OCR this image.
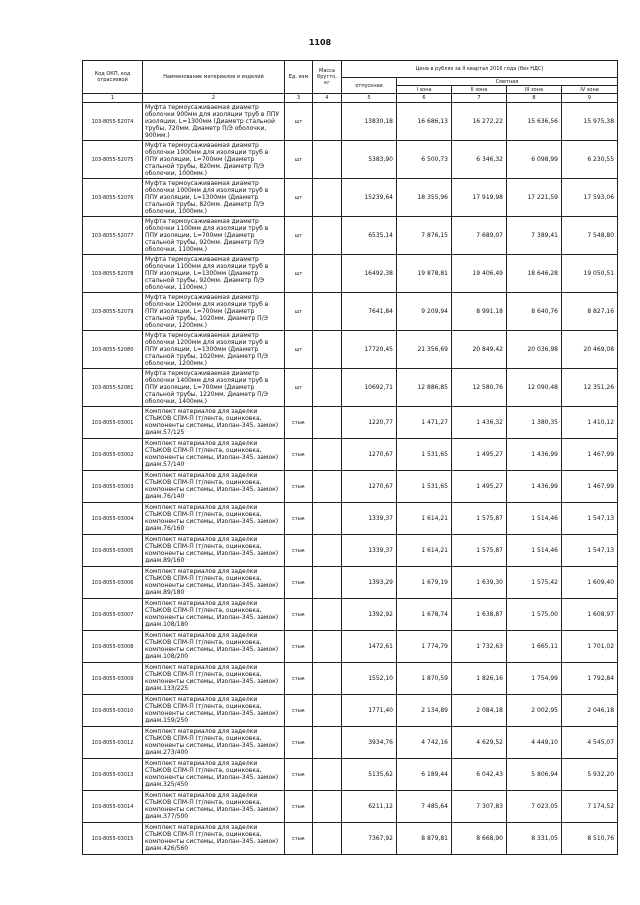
1108
Код ОКП, код отраслевой	Наименование материалов и изделий	Ед. изм	Масса брутто, кг	Цена в рублях за II квартал 2016 года (без НДС)				
				отпускная	Сметная			
					I зона	II зона	III зона	IV зона
1	2	3	4	5	6	7	8	9
103-8055-52074	Муфта термоусаживаемая диаметр оболочки 900мм для изоляции труб в ППУ изоляции, L=1300мм (Диаметр стальной трубы, 720мм. Диаметр П/Э оболочки, 900мм.)	шт		13830,18	16 686,13	16 272,22	15 636,56	15 975,38
103-8055-52075	Муфта термоусаживаемая диаметр оболочки 1000мм для изоляции труб в ППУ изоляции, L=700мм (Диаметр стальной трубы, 820мм. Диаметр П/Э оболочки, 1000мм.)	шт		5383,90	6 500,73	6 346,32	6 098,99	6 230,55
103-8055-52076	Муфта термоусаживаемая диаметр оболочки 1000мм для изоляции труб в ППУ изоляции, L=1300мм (Диаметр стальной трубы, 820мм. Диаметр П/Э оболочки, 1000мм.)	шт		15239,64	18 355,96	17 919,98	17 221,59	17 593,06
103-8055-52077	Муфта термоусаживаемая диаметр оболочки 1100мм для изоляции труб в ППУ изоляции, L=700мм (Диаметр стальной трубы, 920мм. Диаметр П/Э оболочки, 1100мм.)	шт		6535,14	7 876,15	7 689,07	7 389,41	7 548,80
103-8055-52078	Муфта термоусаживаемая диаметр оболочки 1100мм для изоляции труб в ППУ изоляции, L=1300мм (Диаметр стальной трубы, 920мм. Диаметр П/Э оболочки, 1100мм.)	шт		16492,38	19 878,81	19 406,49	18 646,28	19 050,51
103-8055-52079	Муфта термоусаживаемая диаметр оболочки 1200мм для изоляции труб в ППУ изоляции, L=700мм (Диаметр стальной трубы, 1020мм. Диаметр П/Э оболочки, 1200мм.)	шт		7641,84	9 209,94	8 991,18	8 640,76	8 827,16
103-8055-52080	Муфта термоусаживаемая диаметр оболочки 1200мм для изоляции труб в ППУ изоляции, L=1300мм (Диаметр стальной трубы, 1020мм. Диаметр П/Э оболочки, 1200мм.)	шт		17720,45	21 356,69	20 849,42	20 036,98	20 469,08
103-8055-52081	Муфта термоусаживаемая диаметр оболочки 1400мм для изоляции труб в ППУ изоляции, L=700мм (Диаметр стальной трубы, 1220мм. Диаметр П/Э оболочки, 1400мм.)	шт		10692,71	12 886,85	12 580,76	12 090,48	12 351,26
103-8055-03001	Комплект материалов для заделки СТЫКОВ СПМ-П (т/лента, оцинковка, компоненты системы, Изолан-345, замок) диам.57/125	стык		1220,77	1 471,27	1 436,32	1 380,35	1 410,12
103-8055-03002	Комплект материалов для заделки СТЫКОВ СПМ-П (т/лента, оцинковка, компоненты системы, Изолан-345, замок) диам.57/140	стык		1270,67	1 531,65	1 495,27	1 436,99	1 467,99
103-8055-03003	Комплект материалов для заделки СТЫКОВ СПМ-П (т/лента, оцинковка, компоненты системы, Изолан-345, замок) диам.76/140	стык		1270,67	1 531,65	1 495,27	1 436,99	1 467,99
103-8055-03004	Комплект материалов для заделки СТЫКОВ СПМ-П (т/лента, оцинковка, компоненты системы, Изолан-345, замок) диам.76/160	стык		1339,37	1 614,21	1 575,87	1 514,46	1 547,13
103-8055-03005	Комплект материалов для заделки СТЫКОВ СПМ-П (т/лента, оцинковка, компоненты системы, Изолан-345, замок) диам.89/160	стык		1339,37	1 614,21	1 575,87	1 514,46	1 547,13
103-8055-03006	Комплект материалов для заделки СТЫКОВ СПМ-П (т/лента, оцинковка, компоненты системы, Изолан-345, замок) диам.89/180	стык		1393,29	1 679,19	1 639,30	1 575,42	1 609,40
103-8055-03007	Комплект материалов для заделки СТЫКОВ СПМ-П (т/лента, оцинковка, компоненты системы, Изолан-345, замок) диам.108/180	стык		1392,92	1 678,74	1 638,87	1 575,00	1 608,97
103-8055-03008	Комплект материалов для заделки СТЫКОВ СПМ-П (т/лента, оцинковка, компоненты системы, Изолан-345, замок) диам.108/200	стык		1472,61	1 774,79	1 732,63	1 665,11	1 701,02
103-8055-03009	Комплект материалов для заделки СТЫКОВ СПМ-П (т/лента, оцинковка, компоненты системы, Изолан-345, замок) диам.133/225	стык		1552,10	1 870,59	1 826,16	1 754,99	1 792,84
103-8055-03010	Комплект материалов для заделки СТЫКОВ СПМ-П (т/лента, оцинковка, компоненты системы, Изолан-345, замок) диам.159/250	стык		1771,40	2 134,89	2 084,18	2 002,95	2 046,18
103-8055-03012	Комплект материалов для заделки СТЫКОВ СПМ-П (т/лента, оцинковка, компоненты системы, Изолан-345, замок) диам.273/400	стык		3934,76	4 742,16	4 629,52	4 449,10	4 545,07
103-8055-03013	Комплект материалов для заделки СТЫКОВ СПМ-П (т/лента, оцинковка, компоненты системы, Изолан-345, замок) диам.325/450	стык		5135,62	6 189,44	6 042,43	5 806,94	5 932,20
103-8055-03014	Комплект материалов для заделки СТЫКОВ СПМ-П (т/лента, оцинковка, компоненты системы, Изолан-345, замок) диам.377/500	стык		6211,12	7 485,64	7 307,83	7 023,05	7 174,52
103-8055-03015	Комплект материалов для заделки СТЫКОВ СПМ-П (т/лента, оцинковка, компоненты системы, Изолан-345, замок) диам.426/560	стык		7367,92	8 879,81	8 668,90	8 331,05	8 510,76
